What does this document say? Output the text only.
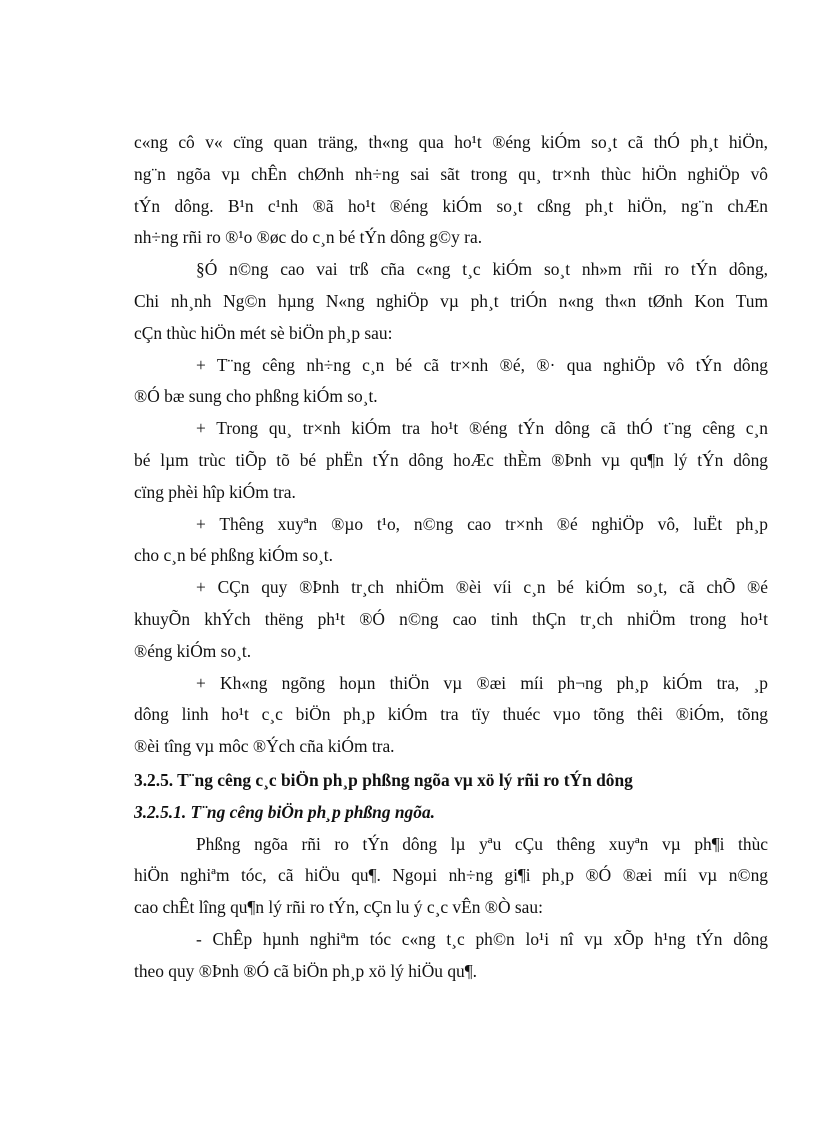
c«ng cô v« cïng quan träng, th«ng qua ho¹t ®éng kiÓm so¸t cã thÓ ph¸t hiÖn,
ng¨n ngõa vµ chÊn chØnh nh÷ng sai sãt trong qu¸ tr×nh thùc hiÖn nghiÖp vô
tÝn dông. B¹n c¹nh ®ã ho¹t ®éng kiÓm so¸t cßng ph¸t hiÖn, ng¨n chÆn
nh÷ng rñi ro ®¹o ®øc do c¸n bé tÝn dông g©y ra.
§Ó n©ng cao vai trß cña c«ng t¸c kiÓm so¸t nh»m rñi ro tÝn dông,
Chi nh¸nh Ng©n hµng N«ng nghiÖp vµ ph¸t triÓn n«ng th«n tØnh Kon Tum
cÇn thùc hiÖn mét sè biÖn ph¸p sau:
+ T¨ng cêng nh÷ng c¸n bé cã tr×nh ®é, ®· qua nghiÖp vô tÝn dông
®Ó bæ sung cho phßng kiÓm so¸t.
+ Trong qu¸ tr×nh kiÓm tra ho¹t ®éng tÝn dông cã thÓ t¨ng cêng c¸n
bé lµm trùc tiÕp tõ bé phËn tÝn dông hoÆc thÈm ®Þnh vµ qu¶n lý tÝn dông
cïng phèi hîp kiÓm tra.
+ Thêng xuyªn ®µo t¹o, n©ng cao tr×nh ®é nghiÖp vô, luËt ph¸p
cho c¸n bé phßng kiÓm so¸t.
+ CÇn quy ®Þnh tr¸ch nhiÖm ®èi víi c¸n bé kiÓm so¸t, cã chÕ ®é
khuyÕn khÝch thëng ph¹t ®Ó n©ng cao tinh thÇn tr¸ch nhiÖm trong ho¹t
®éng kiÓm so¸t.
+ Kh«ng ngõng hoµn thiÖn vµ ®æi míi ph¬ng ph¸p kiÓm tra, ¸p
dông linh ho¹t c¸c biÖn ph¸p kiÓm tra tïy thuéc vµo tõng thêi ®iÓm, tõng
®èi tîng vµ môc ®Ých cña kiÓm tra.
3.2.5. T¨ng cêng c¸c biÖn ph¸p phßng ngõa vµ xö lý rñi ro tÝn dông
3.2.5.1. T¨ng cêng biÖn ph¸p phßng ngõa.
Phßng ngõa rñi ro tÝn dông lµ yªu cÇu thêng xuyªn vµ ph¶i thùc
hiÖn nghiªm tóc, cã hiÖu qu¶. Ngoµi nh÷ng gi¶i ph¸p ®Ó ®æi míi vµ n©ng
cao chÊt lîng qu¶n lý rñi ro tÝn, cÇn lu ý c¸c vÊn ®Ò sau:
- ChÊp hµnh nghiªm tóc c«ng t¸c ph©n lo¹i nî vµ xÕp h¹ng tÝn dông
theo quy ®Þnh ®Ó cã biÖn ph¸p xö lý hiÖu qu¶.
